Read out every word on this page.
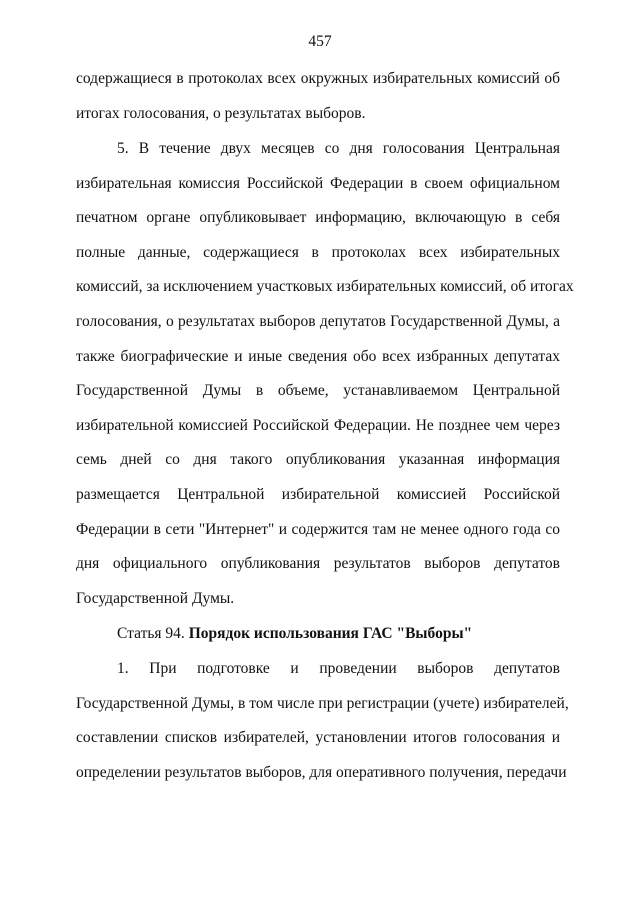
457
содержащиеся в протоколах всех окружных избирательных комиссий об
итогах голосования, о результатах выборов.
5. В течение двух месяцев со дня голосования Центральная
избирательная комиссия Российской Федерации в своем официальном
печатном органе опубликовывает информацию, включающую в себя
полные данные, содержащиеся в протоколах всех избирательных
комиссий, за исключением участковых избирательных комиссий, об итогах
голосования, о результатах выборов депутатов Государственной Думы, а
также биографические и иные сведения обо всех избранных депутатах
Государственной Думы в объеме, устанавливаемом Центральной
избирательной комиссией Российской Федерации. Не позднее чем через
семь дней со дня такого опубликования указанная информация
размещается Центральной избирательной комиссией Российской
Федерации в сети "Интернет" и содержится там не менее одного года со
дня официального опубликования результатов выборов депутатов
Государственной Думы.
Статья 94. Порядок использования ГАС "Выборы"
1. При подготовке и проведении выборов депутатов
Государственной Думы, в том числе при регистрации (учете) избирателей,
составлении списков избирателей, установлении итогов голосования и
определении результатов выборов, для оперативного получения, передачи
